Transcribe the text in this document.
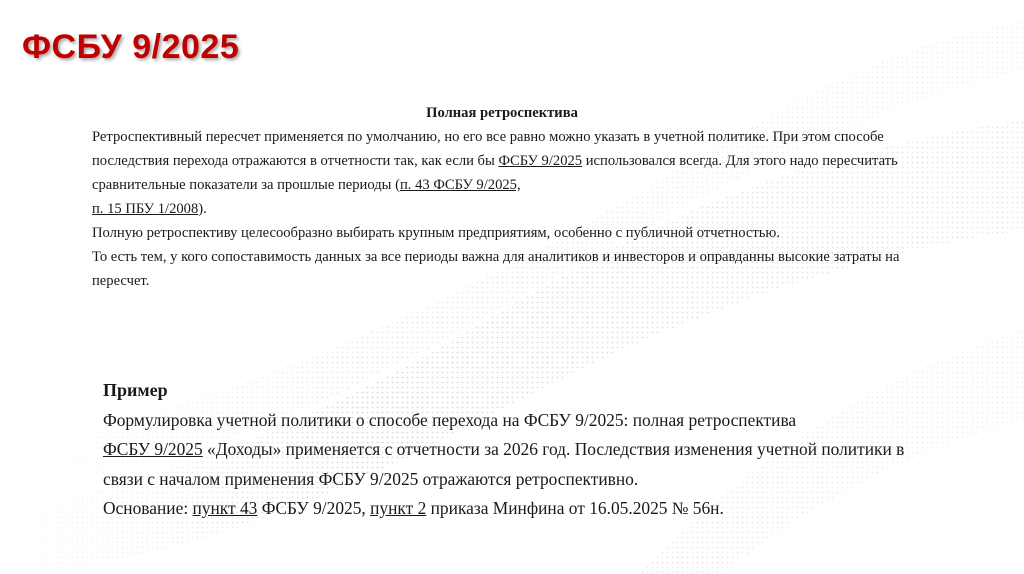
ФСБУ 9/2025
Полная ретроспектива

Ретроспективный пересчет применяется по умолчанию, но его все равно можно указать в учетной политике. При этом способе последствия перехода отражаются в отчетности так, как если бы ФСБУ 9/2025 использовался всегда. Для этого надо пересчитать сравнительные показатели за прошлые периоды (п. 43 ФСБУ 9/2025,
п. 15 ПБУ 1/2008).

Полную ретроспективу целесообразно выбирать крупным предприятиям, особенно с публичной отчетностью.

То есть тем, у кого сопоставимость данных за все периоды важна для аналитиков и инвесторов и оправданны высокие затраты на пересчет.

Пример

Формулировка учетной политики о способе перехода на ФСБУ 9/2025: полная ретроспектива

ФСБУ 9/2025 «Доходы» применяется с отчетности за 2026 год. Последствия изменения учетной политики в связи с началом применения ФСБУ 9/2025 отражаются ретроспективно.

Основание: пункт 43 ФСБУ 9/2025, пункт 2 приказа Минфина от 16.05.2025 № 56н.
